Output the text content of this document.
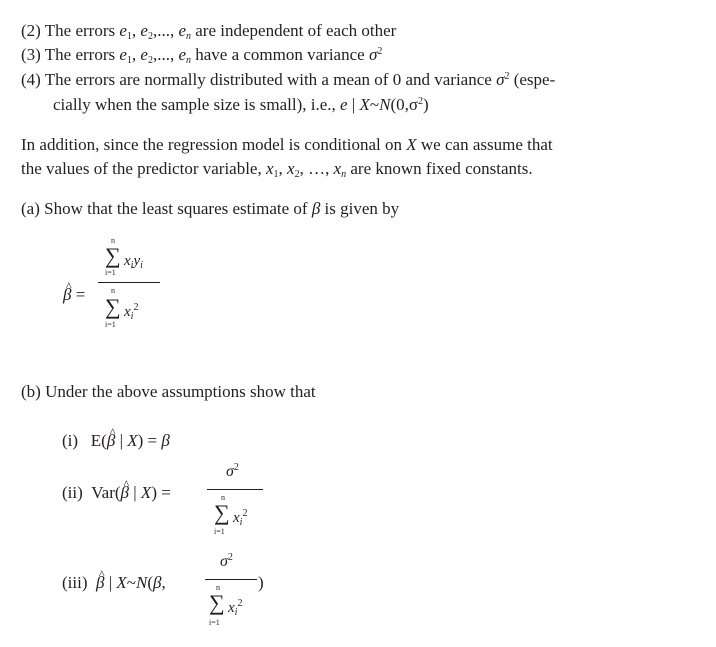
(2) The errors $e_1$, $e_2$,..., $e_n$ are independent of each other
(3) The errors $e_1$, $e_2$,..., $e_n$ have a common variance $\sigma^2$
(4) The errors are normally distributed with a mean of 0 and variance $\sigma^2$ (espe-
cially when the sample size is small), i.e., e | $X\sim N(0,\sigma^2)$
In addition, since the regression model is conditional on X we can assume that
the values of the predictor variable, $x_1$, $x_2$, …, $x_n$ are known fixed constants.
(a) Show that the least squares estimate of β is given by
^ β =
n
∑ $x_iy_i$
i=1
n
∑ $x_i^2$
i=1
(b) Under the above assumptions show that
(i) E(^ β | X) = β
(ii) Var(^ β | X) =
$\sigma^2$
n
∑ $x_i^2$
i=1
(iii)  ^ β | X~N(β,
$\sigma^2$
)
n
∑ $x_i^2$
i=1
